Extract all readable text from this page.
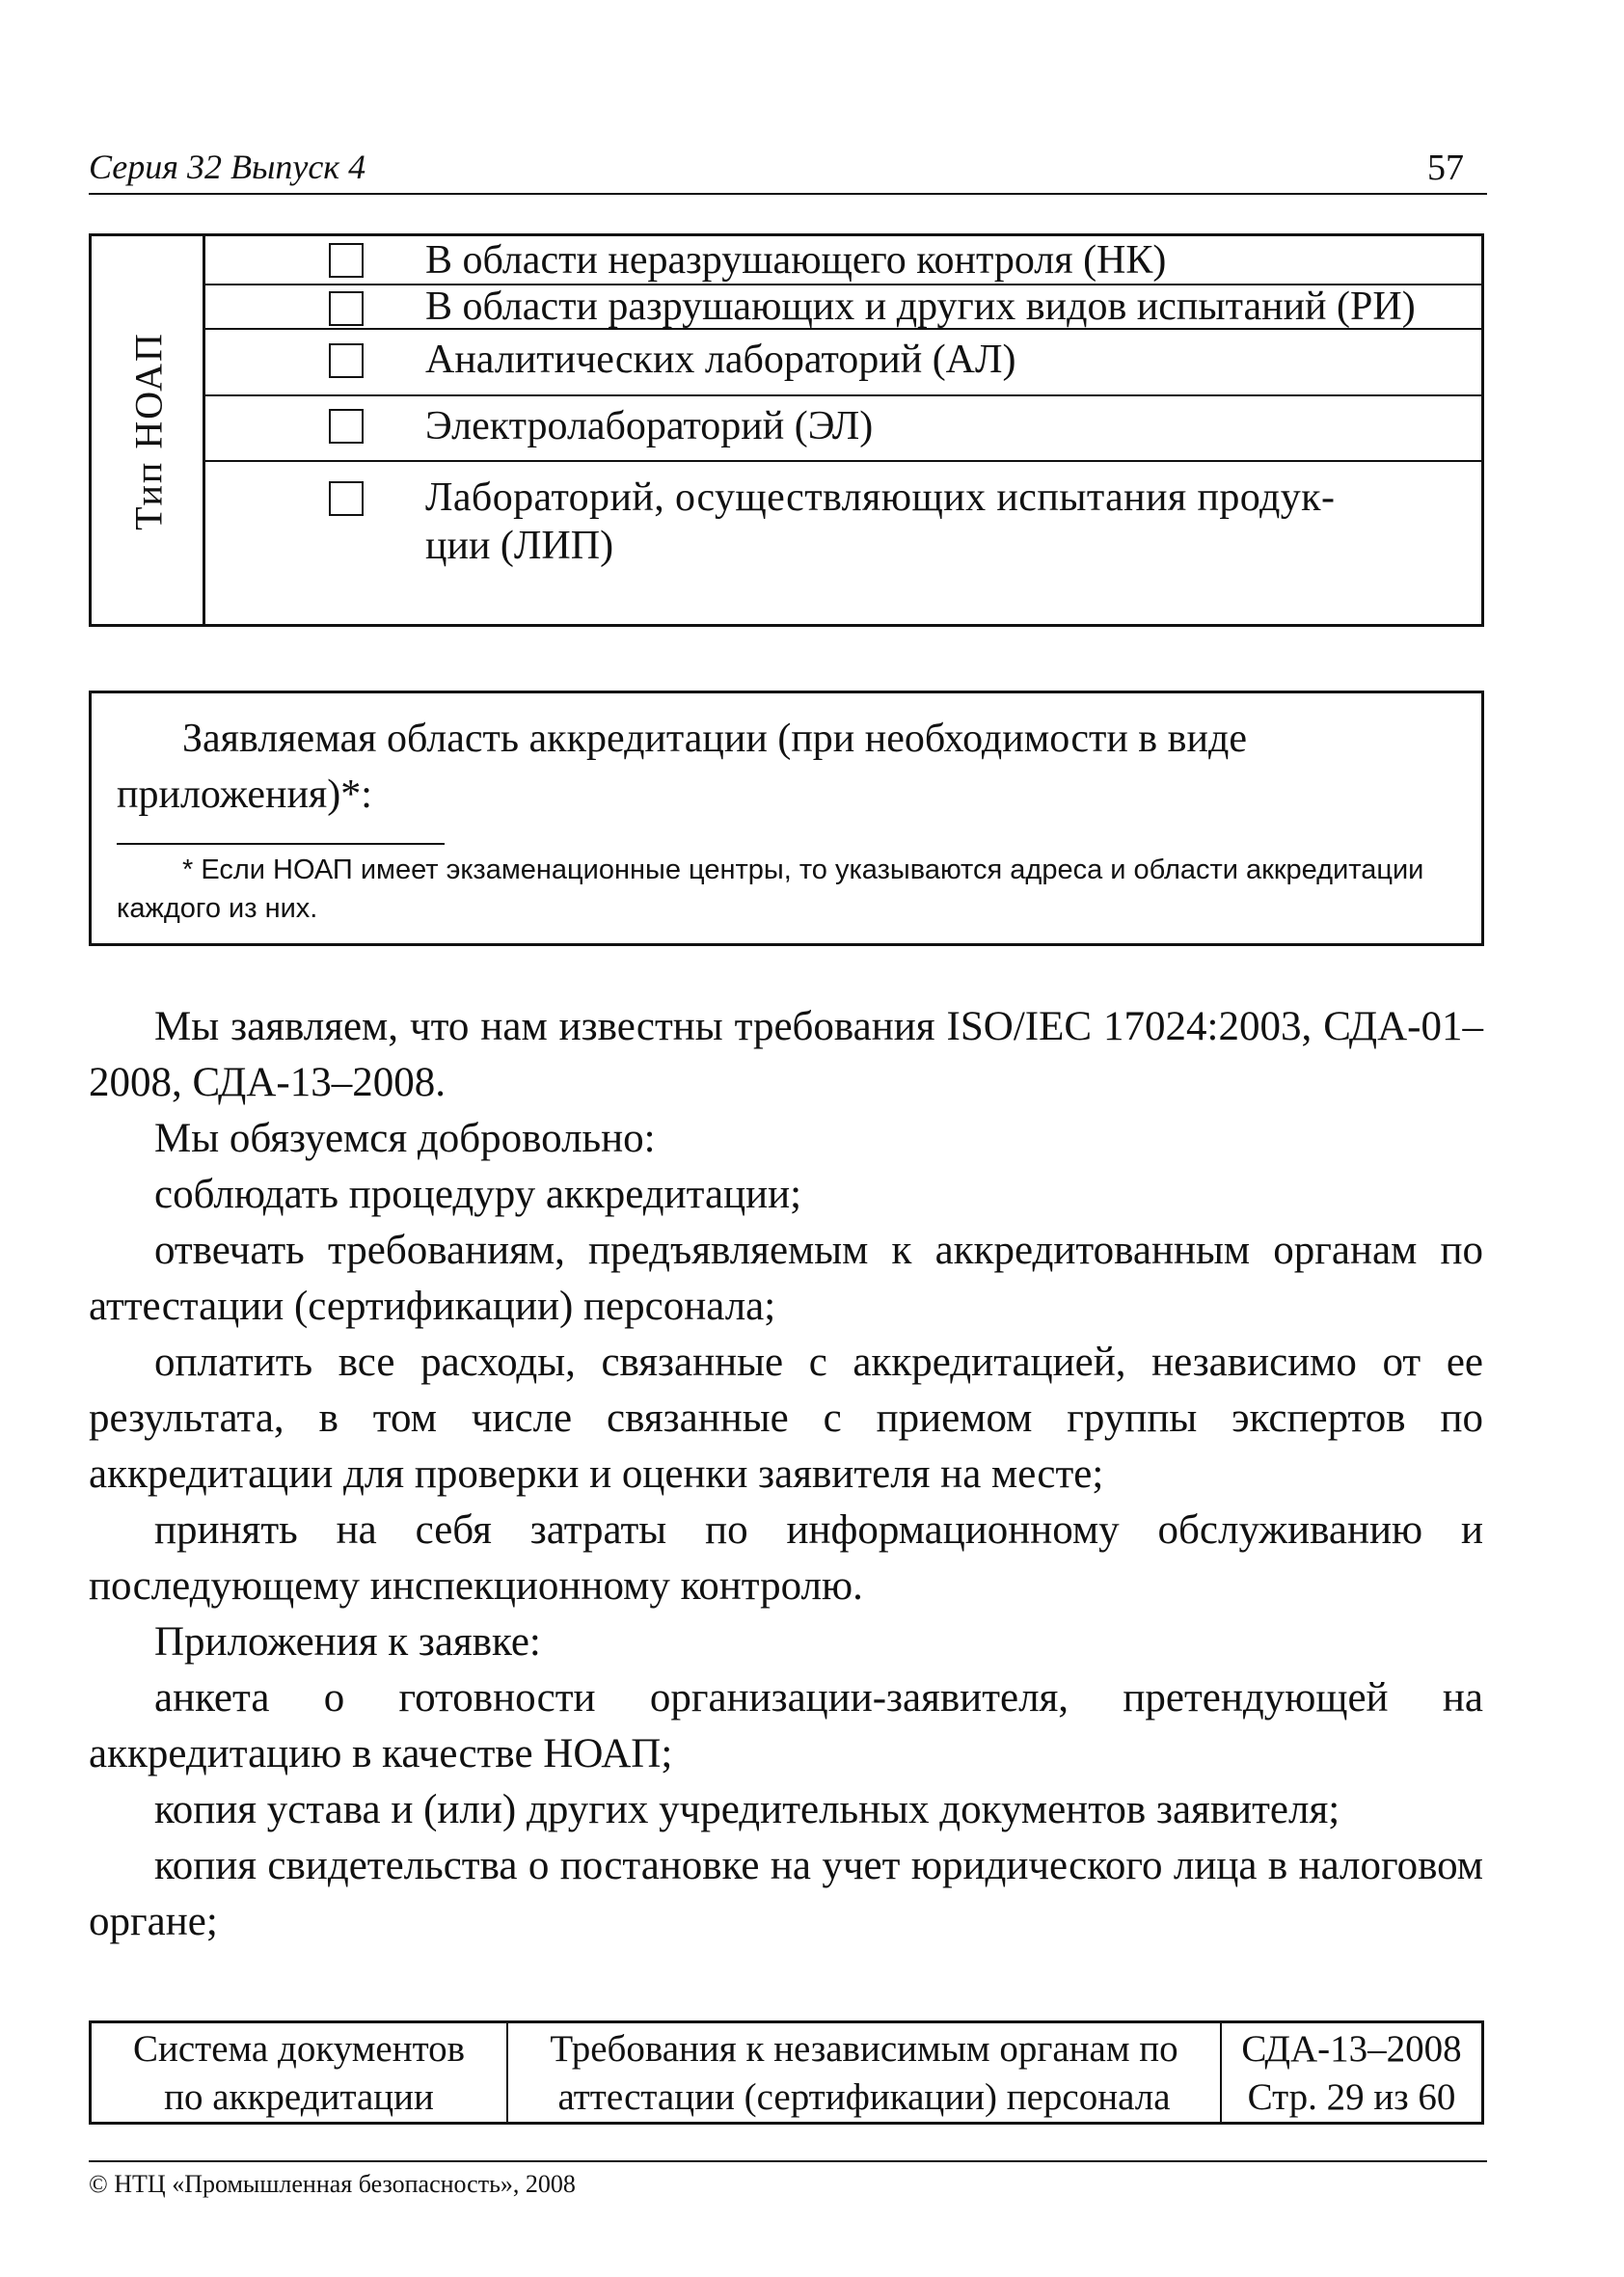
Серия 32 Выпуск 4	57
Тип НОАП
В области неразрушающего контроля (НК)
В области разрушающих и других видов испытаний (РИ)
Аналитических лабораторий (АЛ)
Электролабораторий (ЭЛ)
Лабораторий, осуществляющих испытания продук-
ции (ЛИП)
Заявляемая область аккредитации (при необходимости в виде приложения)*:
* Если НОАП имеет экзаменационные центры, то указываются адреса и области аккредитации каждого из них.

Мы заявляем, что нам известны требования ISO/IEC 17024:2003, СДА-01–2008, СДА-13–2008.

Мы обязуемся добровольно:

соблюдать процедуру аккредитации;

отвечать требованиям, предъявляемым к аккредитованным органам по аттестации (сертификации) персонала;

оплатить все расходы, связанные с аккредитацией, независимо от ее результата, в том числе связанные с приемом группы экспертов по аккредитации для проверки и оценки заявителя на месте;

принять на себя затраты по информационному обслуживанию и последующему инспекционному контролю.

Приложения к заявке:

анкета о готовности организации-заявителя, претендующей на аккредитацию в качестве НОАП;

копия устава и (или) других учредительных документов заявителя;

копия свидетельства о постановке на учет юридического лица в налоговом органе;

Система документов
по аккредитации
Требования к независимым органам по
аттестации (сертификации) персонала
СДА-13–2008
Стр. 29 из 60
© НТЦ «Промышленная безопасность», 2008
